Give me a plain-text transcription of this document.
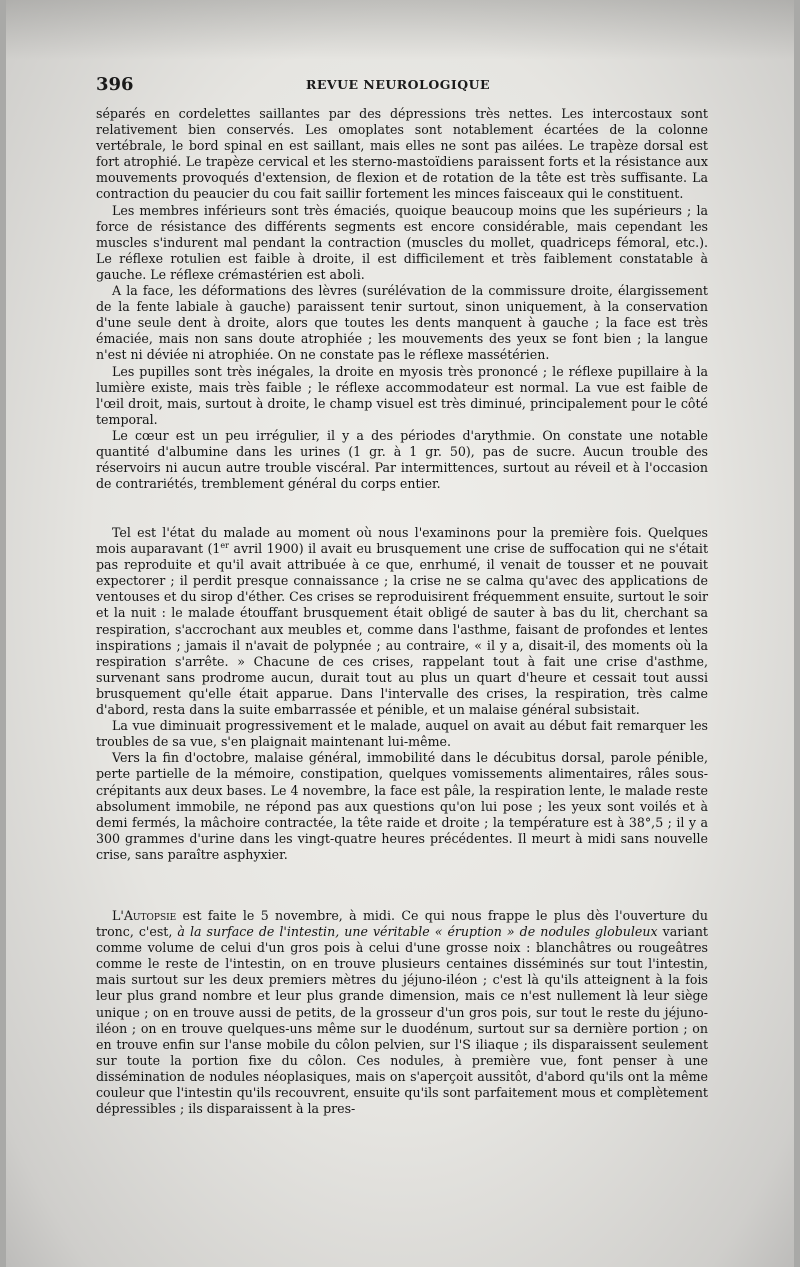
396	REVUE NEUROLOGIQUE

séparés en cordelettes saillantes par des dépressions très nettes. Les intercostaux sont relativement bien conservés. Les omoplates sont notablement écartées de la colonne vertébrale, le bord spinal en est saillant, mais elles ne sont pas ailées. Le trapèze dorsal est fort atrophié. Le trapèze cervical et les sterno-mastoïdiens paraissent forts et la résistance aux mouvements provoqués d'extension, de flexion et de rotation de la tête est très suffisante. La contraction du peaucier du cou fait saillir fortement les minces faisceaux qui le constituent.

Les membres inférieurs sont très émaciés, quoique beaucoup moins que les supérieurs ; la force de résistance des différents segments est encore considérable, mais cependant les muscles s'indurent mal pendant la contraction (muscles du mollet, quadriceps fémoral, etc.). Le réflexe rotulien est faible à droite, il est difficilement et très faiblement constatable à gauche. Le réflexe crémastérien est aboli.

A la face, les déformations des lèvres (surélévation de la commissure droite, élargissement de la fente labiale à gauche) paraissent tenir surtout, sinon uniquement, à la conservation d'une seule dent à droite, alors que toutes les dents manquent à gauche ; la face est très émaciée, mais non sans doute atrophiée ; les mouvements des yeux se font bien ; la langue n'est ni déviée ni atrophiée. On ne constate pas le réflexe massétérien.

Les pupilles sont très inégales, la droite en myosis très prononcé ; le réflexe pupillaire à la lumière existe, mais très faible ; le réflexe accommodateur est normal. La vue est faible de l'œil droit, mais, surtout à droite, le champ visuel est très diminué, principalement pour le côté temporal.

Le cœur est un peu irrégulier, il y a des périodes d'arythmie. On constate une notable quantité d'albumine dans les urines (1 gr. à 1 gr. 50), pas de sucre. Aucun trouble des réservoirs ni aucun autre trouble viscéral. Par intermittences, surtout au réveil et à l'occasion de contrariétés, tremblement général du corps entier.

Tel est l'état du malade au moment où nous l'examinons pour la première fois. Quelques mois auparavant (1er avril 1900) il avait eu brusquement une crise de suffocation qui ne s'était pas reproduite et qu'il avait attribuée à ce que, enrhumé, il venait de tousser et ne pouvait expectorer ; il perdit presque connaissance ; la crise ne se calma qu'avec des applications de ventouses et du sirop d'éther. Ces crises se reproduisirent fréquemment ensuite, surtout le soir et la nuit : le malade étouffant brusquement était obligé de sauter à bas du lit, cherchant sa respiration, s'accrochant aux meubles et, comme dans l'asthme, faisant de profondes et lentes inspirations ; jamais il n'avait de polypnée ; au contraire, « il y a, disait-il, des moments où la respiration s'arrête. » Chacune de ces crises, rappelant tout à fait une crise d'asthme, survenant sans prodrome aucun, durait tout au plus un quart d'heure et cessait tout aussi brusquement qu'elle était apparue. Dans l'intervalle des crises, la respiration, très calme d'abord, resta dans la suite embarrassée et pénible, et un malaise général subsistait.

La vue diminuait progressivement et le malade, auquel on avait au début fait remarquer les troubles de sa vue, s'en plaignait maintenant lui-même.

Vers la fin d'octobre, malaise général, immobilité dans le décubitus dorsal, parole pénible, perte partielle de la mémoire, constipation, quelques vomissements alimentaires, râles sous-crépitants aux deux bases. Le 4 novembre, la face est pâle, la respiration lente, le malade reste absolument immobile, ne répond pas aux questions qu'on lui pose ; les yeux sont voilés et à demi fermés, la mâchoire contractée, la tête raide et droite ; la température est à 38°,5 ; il y a 300 grammes d'urine dans les vingt-quatre heures précédentes. Il meurt à midi sans nouvelle crise, sans paraître asphyxier.

L'Autopsie est faite le 5 novembre, à midi. Ce qui nous frappe le plus dès l'ouverture du tronc, c'est, à la surface de l'intestin, une véritable « éruption » de nodules globuleux variant comme volume de celui d'un gros pois à celui d'une grosse noix : blanchâtres ou rougeâtres comme le reste de l'intestin, on en trouve plusieurs centaines disséminés sur tout l'intestin, mais surtout sur les deux premiers mètres du jéjuno-iléon ; c'est là qu'ils atteignent à la fois leur plus grand nombre et leur plus grande dimension, mais ce n'est nullement là leur siège unique ; on en trouve aussi de petits, de la grosseur d'un gros pois, sur tout le reste du jéjuno-iléon ; on en trouve quelques-uns même sur le duodénum, surtout sur sa dernière portion ; on en trouve enfin sur l'anse mobile du côlon pelvien, sur l'S iliaque ; ils disparaissent seulement sur toute la portion fixe du côlon. Ces nodules, à première vue, font penser à une dissémination de nodules néoplasiques, mais on s'aperçoit aussitôt, d'abord qu'ils ont la même couleur que l'intestin qu'ils recouvrent, ensuite qu'ils sont parfaitement mous et complètement dépressibles ; ils disparaissent à la pres-
